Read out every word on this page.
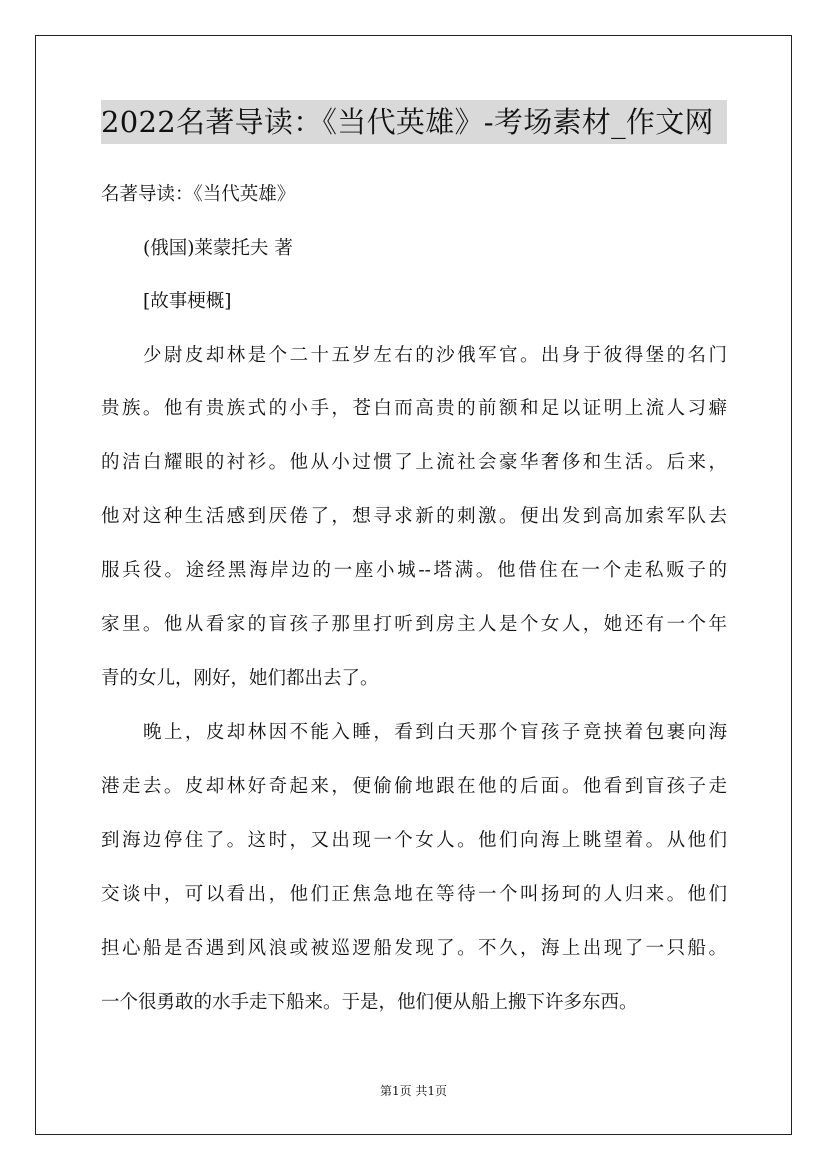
2022名著导读：《当代英雄》-考场素材_作文网
名著导读：《当代英雄》
(俄国)莱蒙托夫 著
[故事梗概]
少尉皮却林是个二十五岁左右的沙俄军官。出身于彼得堡的名门
贵族。他有贵族式的小手，苍白而高贵的前额和足以证明上流人习癖
的洁白耀眼的衬衫。他从小过惯了上流社会豪华奢侈和生活。后来，
他对这种生活感到厌倦了，想寻求新的刺激。便出发到高加索军队去
服兵役。途经黑海岸边的一座小城--塔满。他借住在一个走私贩子的
家里。他从看家的盲孩子那里打听到房主人是个女人，她还有一个年
青的女儿，刚好，她们都出去了。
晚上，皮却林因不能入睡，看到白天那个盲孩子竟挟着包裹向海
港走去。皮却林好奇起来，便偷偷地跟在他的后面。他看到盲孩子走
到海边停住了。这时，又出现一个女人。他们向海上眺望着。从他们
交谈中，可以看出，他们正焦急地在等待一个叫扬珂的人归来。他们
担心船是否遇到风浪或被巡逻船发现了。不久，海上出现了一只船。
一个很勇敢的水手走下船来。于是，他们便从船上搬下许多东西。
第1页 共1页
